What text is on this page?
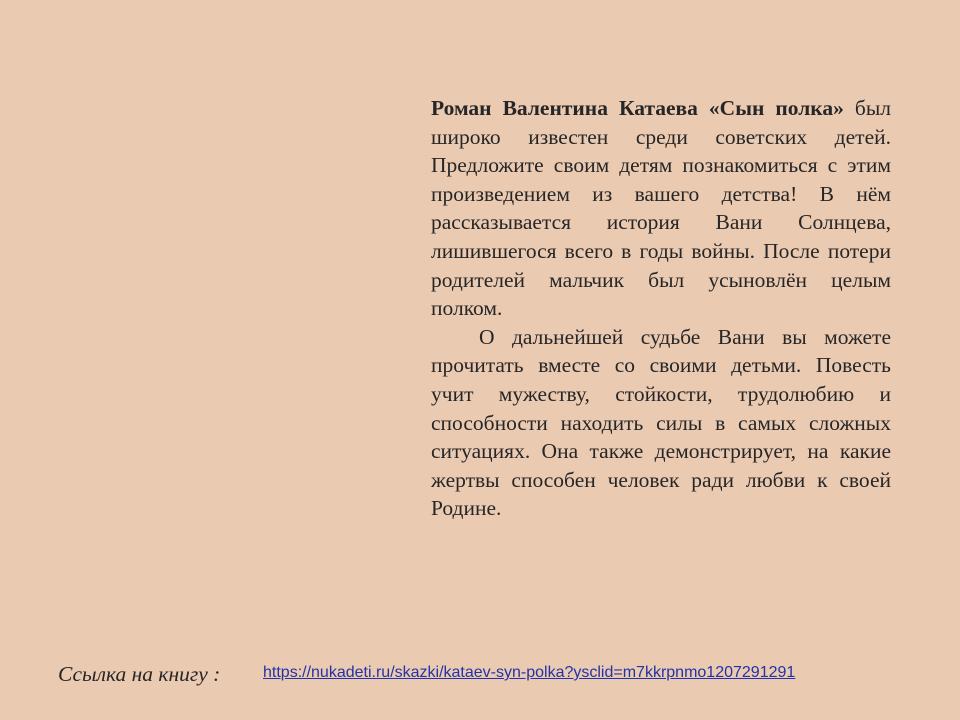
Роман Валентина Катаева «Сын полка» был широко известен среди советских детей. Предложите своим детям познакомиться с этим произведением из вашего детства! В нём рассказывается история Вани Солнцева, лишившегося всего в годы войны. После потери родителей мальчик был усыновлён целым полком.

О дальнейшей судьбе Вани вы можете прочитать вместе со своими детьми. Повесть учит мужеству, стойкости, трудолюбию и способности находить силы в самых сложных ситуациях. Она также демонстрирует, на какие жертвы способен человек ради любви к своей Родине.

Ссылка на книгу :	https://nukadeti.ru/skazki/kataev-syn-polka?ysclid=m7kkrpnmo1207291291
